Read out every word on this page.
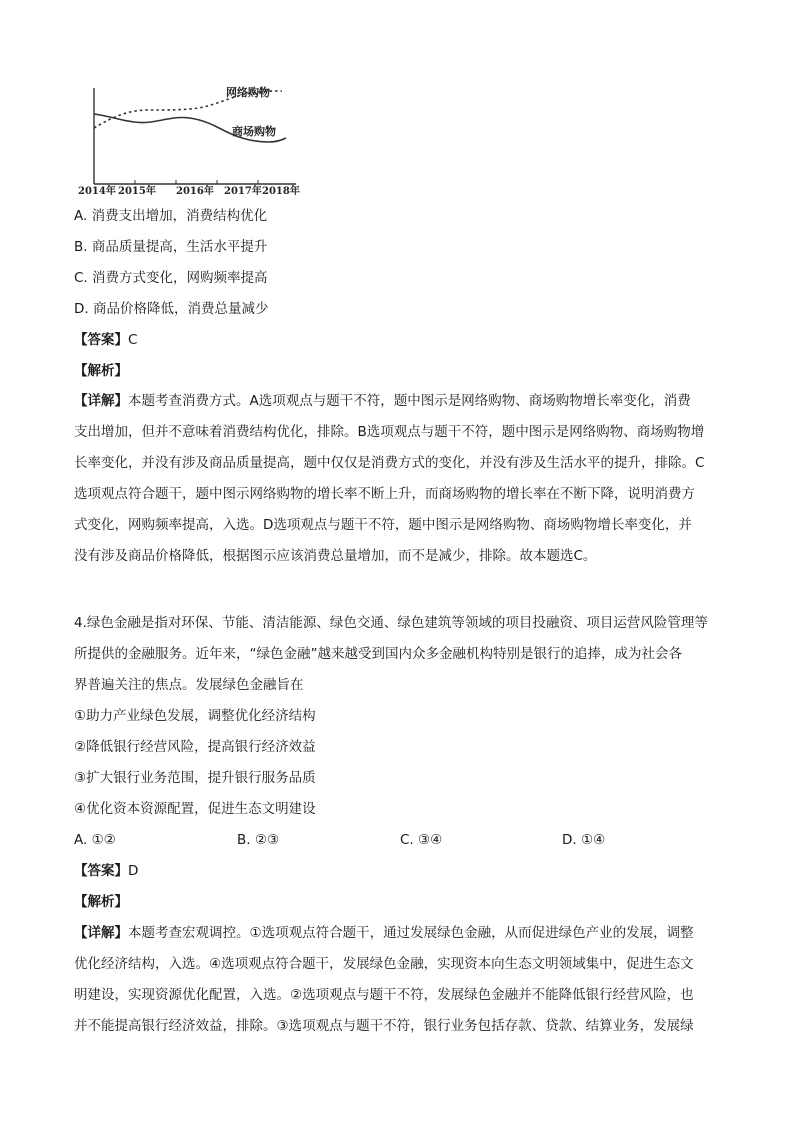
网络购物
商场购物
2014年 2015年 2016年 2017年 2018年
A. 消费支出增加，消费结构优化
B. 商品质量提高，生活水平提升
C. 消费方式变化，网购频率提高
D. 商品价格降低，消费总量减少
【答案】C
【解析】
【详解】本题考查消费方式。A选项观点与题干不符，题中图示是网络购物、商场购物增长率变化，消费
支出增加，但并不意味着消费结构优化，排除。B选项观点与题干不符，题中图示是网络购物、商场购物增
长率变化，并没有涉及商品质量提高，题中仅仅是消费方式的变化，并没有涉及生活水平的提升，排除。C
选项观点符合题干，题中图示网络购物的增长率不断上升，而商场购物的增长率在不断下降，说明消费方
式变化，网购频率提高，入选。D选项观点与题干不符，题中图示是网络购物、商场购物增长率变化，并
没有涉及商品价格降低，根据图示应该消费总量增加，而不是减少，排除。故本题选C。
4.绿色金融是指对环保、节能、清洁能源、绿色交通、绿色建筑等领域的项目投融资、项目运营风险管理等
所提供的金融服务。近年来，“绿色金融”越来越受到国内众多金融机构特别是银行的追捧，成为社会各
界普遍关注的焦点。发展绿色金融旨在
①助力产业绿色发展，调整优化经济结构
②降低银行经营风险，提高银行经济效益
③扩大银行业务范围，提升银行服务品质
④优化资本资源配置，促进生态文明建设
A. ①②	B. ②③	C. ③④	D. ①④
【答案】D
【解析】
【详解】本题考查宏观调控。①选项观点符合题干，通过发展绿色金融，从而促进绿色产业的发展，调整
优化经济结构，入选。④选项观点符合题干，发展绿色金融，实现资本向生态文明领域集中，促进生态文
明建设，实现资源优化配置，入选。②选项观点与题干不符，发展绿色金融并不能降低银行经营风险，也
并不能提高银行经济效益，排除。③选项观点与题干不符，银行业务包括存款、贷款、结算业务，发展绿
